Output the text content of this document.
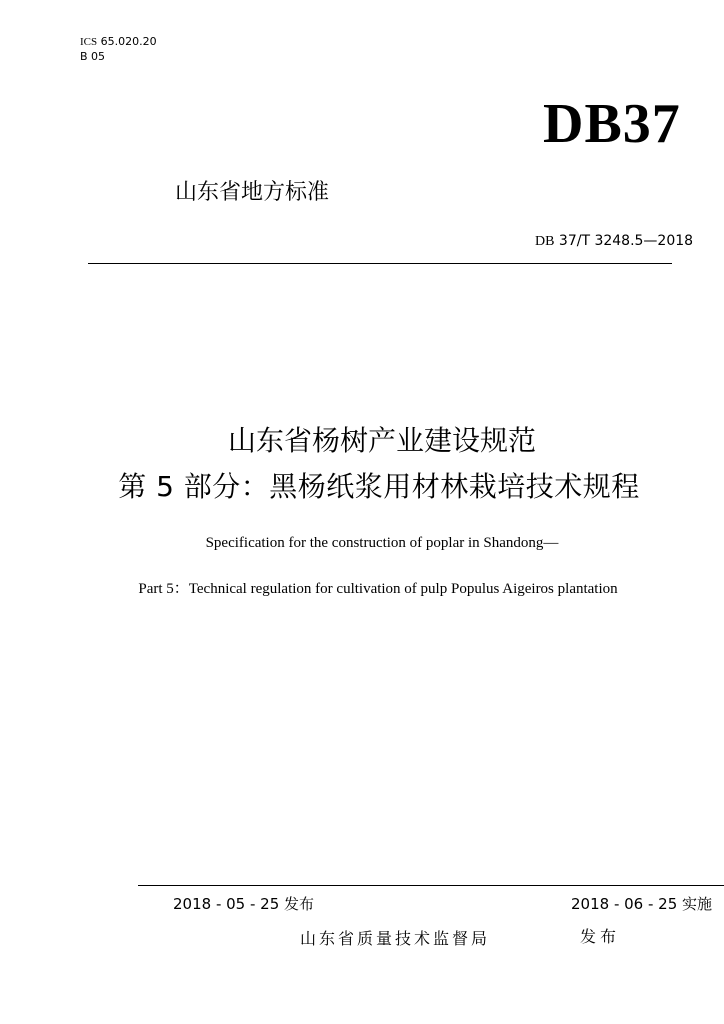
ICS 65.020.20
B 05
DB37
山东省地方标准
DB 37/T 3248.5—2018
山东省杨树产业建设规范
第 5 部分：黑杨纸浆用材林栽培技术规程
Specification for the construction of poplar in Shandong—
Part 5：Technical regulation for cultivation of pulp Populus Aigeiros plantation
2018 - 05 - 25 发布	2018 - 06 - 25 实施
山东省质量技术监督局	发布
